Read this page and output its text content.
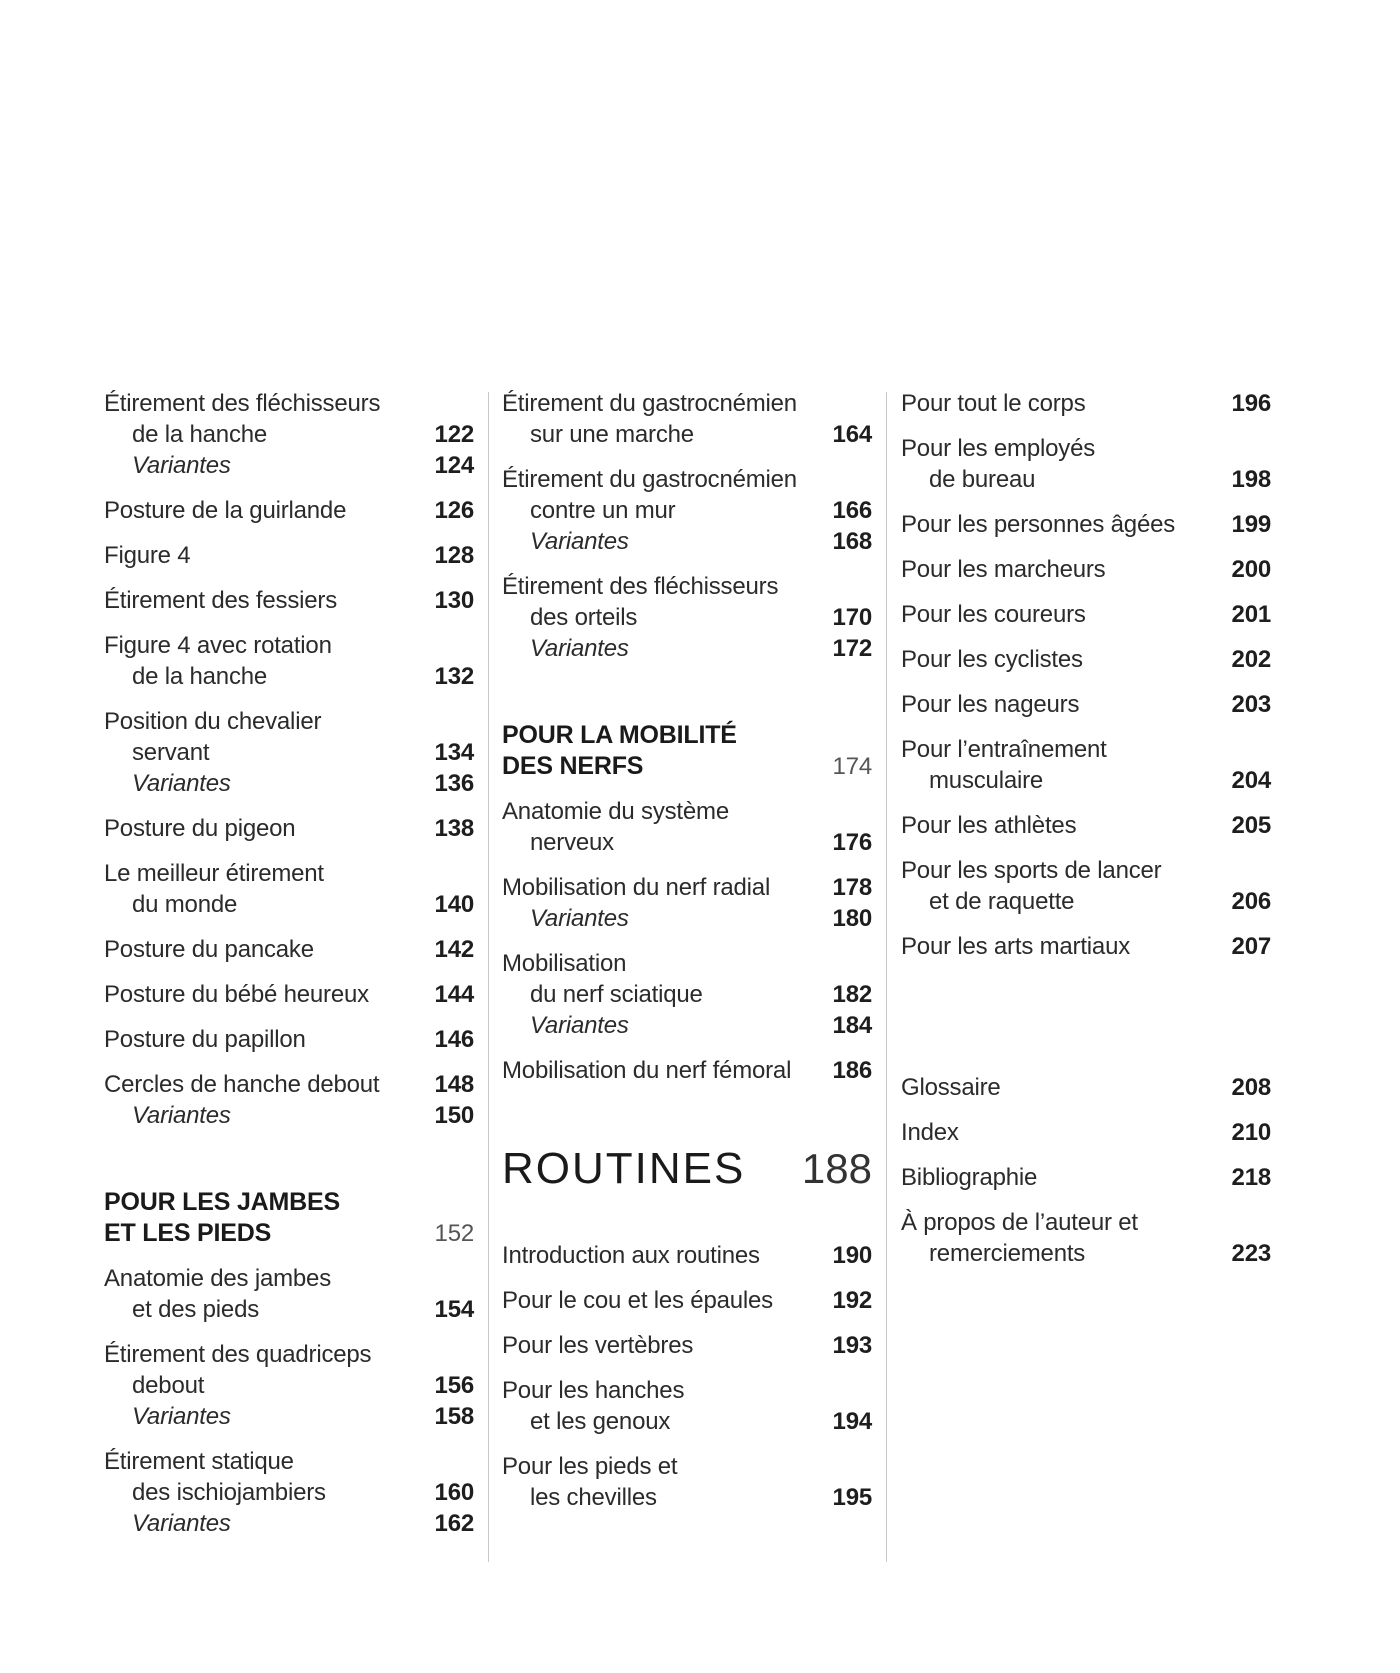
Étirement des fléchisseurs
de la hanche	122
Variantes	124
Posture de la guirlande	126
Figure 4	128
Étirement des fessiers	130
Figure 4 avec rotation
de la hanche	132
Position du chevalier
servant	134
Variantes	136
Posture du pigeon	138
Le meilleur étirement
du monde	140
Posture du pancake	142
Posture du bébé heureux	144
Posture du papillon	146
Cercles de hanche debout	148
Variantes	150
POUR LES JAMBES
ET LES PIEDS	152
Anatomie des jambes
et des pieds	154
Étirement des quadriceps
debout	156
Variantes	158
Étirement statique
des ischiojambiers	160
Variantes	162
Étirement du gastrocnémien
sur une marche	164
Étirement du gastrocnémien
contre un mur	166
Variantes	168
Étirement des fléchisseurs
des orteils	170
Variantes	172
POUR LA MOBILITÉ
DES NERFS	174
Anatomie du système
nerveux	176
Mobilisation du nerf radial	178
Variantes	180
Mobilisation
du nerf sciatique	182
Variantes	184
Mobilisation du nerf fémoral	186
ROUTINES 188
Introduction aux routines	190
Pour le cou et les épaules	192
Pour les vertèbres	193
Pour les hanches
et les genoux	194
Pour les pieds et
les chevilles	195
Pour tout le corps	196
Pour les employés
de bureau	198
Pour les personnes âgées	199
Pour les marcheurs	200
Pour les coureurs	201
Pour les cyclistes	202
Pour les nageurs	203
Pour l’entraînement
musculaire	204
Pour les athlètes	205
Pour les sports de lancer
et de raquette	206
Pour les arts martiaux	207
Glossaire	208
Index	210
Bibliographie	218
À propos de l’auteur et
remerciements	223
